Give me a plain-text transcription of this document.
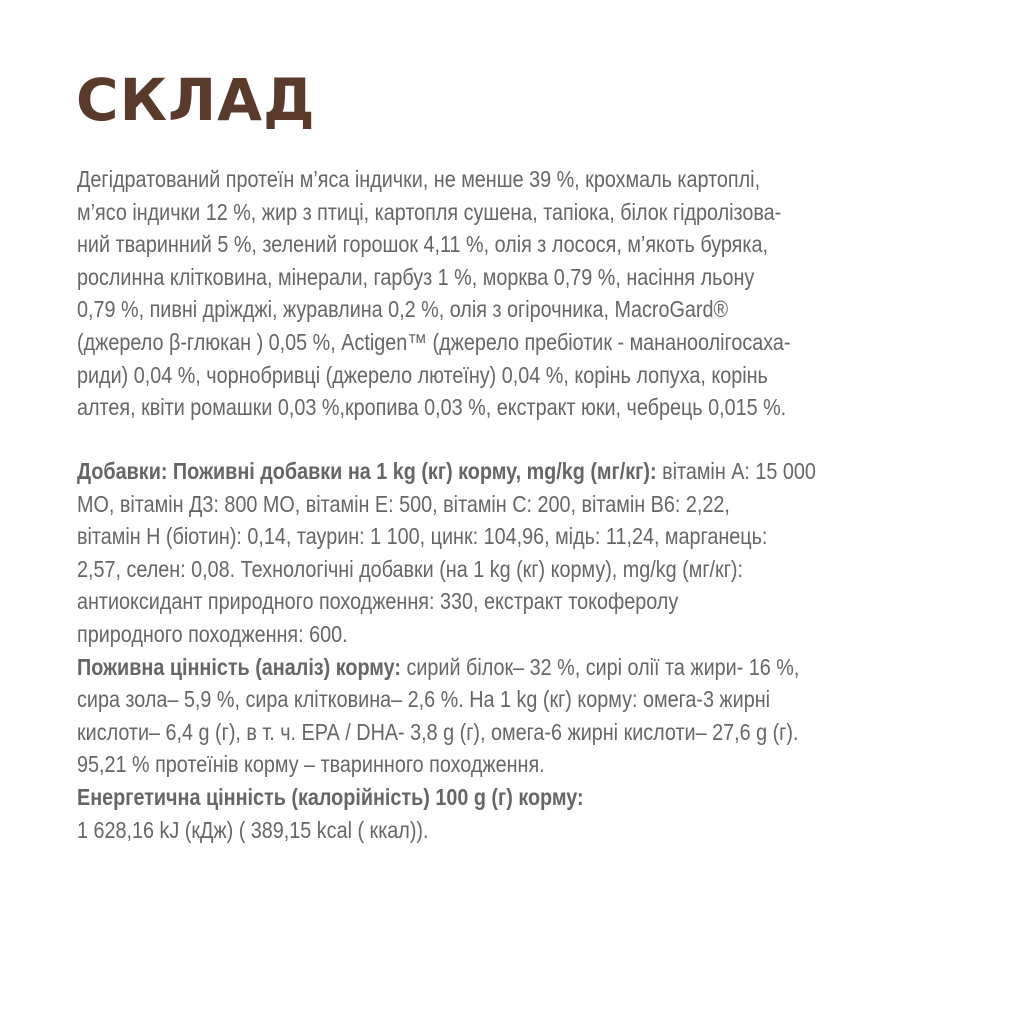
СКЛАД
Дегідратований протеїн м’яса індички, не менше 39 %, крохмаль картоплі,
м’ясо індички 12 %, жир з птиці, картопля сушена, тапіока, білок гідролізова-
ний тваринний 5 %, зелений горошок 4,11 %, олія з лосося, м’якоть буряка,
рослинна клітковина, мінерали, гарбуз 1 %, морква 0,79 %, насіння льону
0,79 %, пивні дріжджі, журавлина 0,2 %, олія з огірочника, MacroGard®
(джерело β-глюкан ) 0,05 %, Actigen™ (джерело пребіотик - мананоолігосаха-
риди) 0,04 %, чорнобривці (джерело лютеїну) 0,04 %, корінь лопуха, корінь
алтея, квіти ромашки 0,03 %,кропива 0,03 %, екстракт юки, чебрець 0,015 %.
Добавки: Поживні добавки на 1 kg (кг) корму, mg/kg (мг/кг): вітамін А: 15 000
МО, вітамін Д3: 800 МО, вітамін Е: 500, вітамін С: 200, вітамін В6: 2,22,
вітамін Н (біотин): 0,14, таурин: 1 100, цинк: 104,96, мідь: 11,24, марганець:
2,57, селен: 0,08. Технологічні добавки (на 1 kg (кг) корму), mg/kg (мг/кг):
антиоксидант природного походження: 330, екстракт токоферолу
природного походження: 600.
Поживна цінність (аналіз) корму: сирий білок– 32 %, сирі олії та жири- 16 %,
сира зола– 5,9 %, сира клітковина– 2,6 %. На 1 kg (кг) корму: омега-3 жирні
кислоти– 6,4 g (г), в т. ч. ЕРА / DHA- 3,8 g (г), омега-6 жирні кислоти– 27,6 g (г).
95,21 % протеїнів корму – тваринного походження.
Енергетична цінність (калорійність) 100 g (г) корму:
1 628,16 kJ (кДж) ( 389,15 kcal ( ккал)).
